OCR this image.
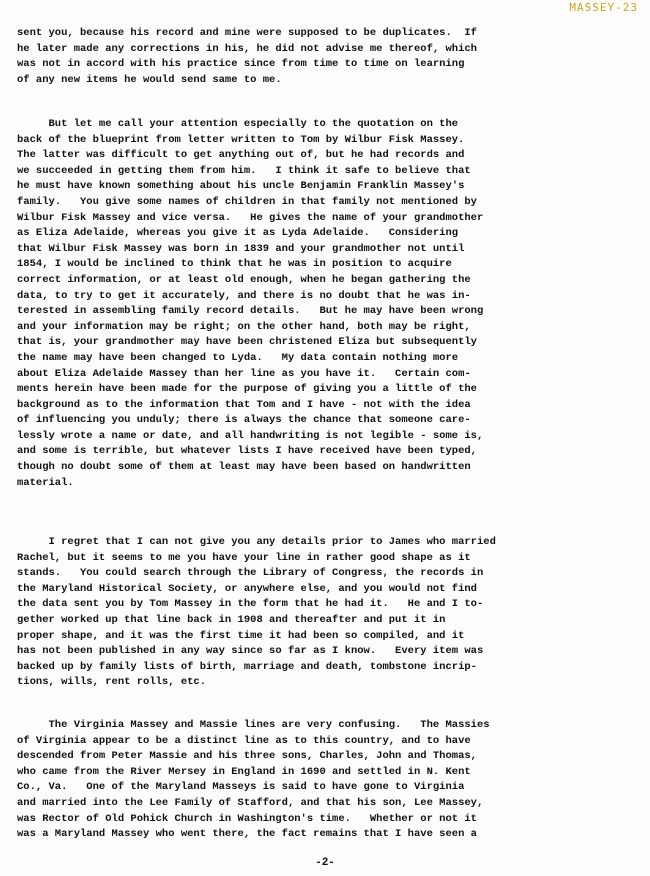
MASSEY-23
sent you, because his record and mine were supposed to be duplicates.  If
he later made any corrections in his, he did not advise me thereof, which
was not in accord with his practice since from time to time on learning
of any new items he would send same to me.
But let me call your attention especially to the quotation on the
back of the blueprint from letter written to Tom by Wilbur Fisk Massey.
The latter was difficult to get anything out of, but he had records and
we succeeded in getting them from him.   I think it safe to believe that
he must have known something about his uncle Benjamin Franklin Massey's
family.   You give some names of children in that family not mentioned by
Wilbur Fisk Massey and vice versa.   He gives the name of your grandmother
as Eliza Adelaide, whereas you give it as Lyda Adelaide.   Considering
that Wilbur Fisk Massey was born in 1839 and your grandmother not until
1854, I would be inclined to think that he was in position to acquire
correct information, or at least old enough, when he began gathering the
data, to try to get it accurately, and there is no doubt that he was in-
terested in assembling family record details.   But he may have been wrong
and your information may be right; on the other hand, both may be right,
that is, your grandmother may have been christened Eliza but subsequently
the name may have been changed to Lyda.   My data contain nothing more
about Eliza Adelaide Massey than her line as you have it.   Certain com-
ments herein have been made for the purpose of giving you a little of the
background as to the information that Tom and I have - not with the idea
of influencing you unduly; there is always the chance that someone care-
lessly wrote a name or date, and all handwriting is not legible - some is,
and some is terrible, but whatever lists I have received have been typed,
though no doubt some of them at least may have been based on handwritten
material.
I regret that I can not give you any details prior to James who married
Rachel, but it seems to me you have your line in rather good shape as it
stands.   You could search through the Library of Congress, the records in
the Maryland Historical Society, or anywhere else, and you would not find
the data sent you by Tom Massey in the form that he had it.   He and I to-
gether worked up that line back in 1908 and thereafter and put it in
proper shape, and it was the first time it had been so compiled, and it
has not been published in any way since so far as I know.   Every item was
backed up by family lists of birth, marriage and death, tombstone incrip-
tions, wills, rent rolls, etc.
The Virginia Massey and Massie lines are very confusing.   The Massies
of Virginia appear to be a distinct line as to this country, and to have
descended from Peter Massie and his three sons, Charles, John and Thomas,
who came from the River Mersey in England in 1690 and settled in N. Kent
Co., Va.   One of the Maryland Masseys is said to have gone to Virginia
and married into the Lee Family of Stafford, and that his son, Lee Massey,
was Rector of Old Pohick Church in Washington's time.   Whether or not it
was a Maryland Massey who went there, the fact remains that I have seen a
-2-
